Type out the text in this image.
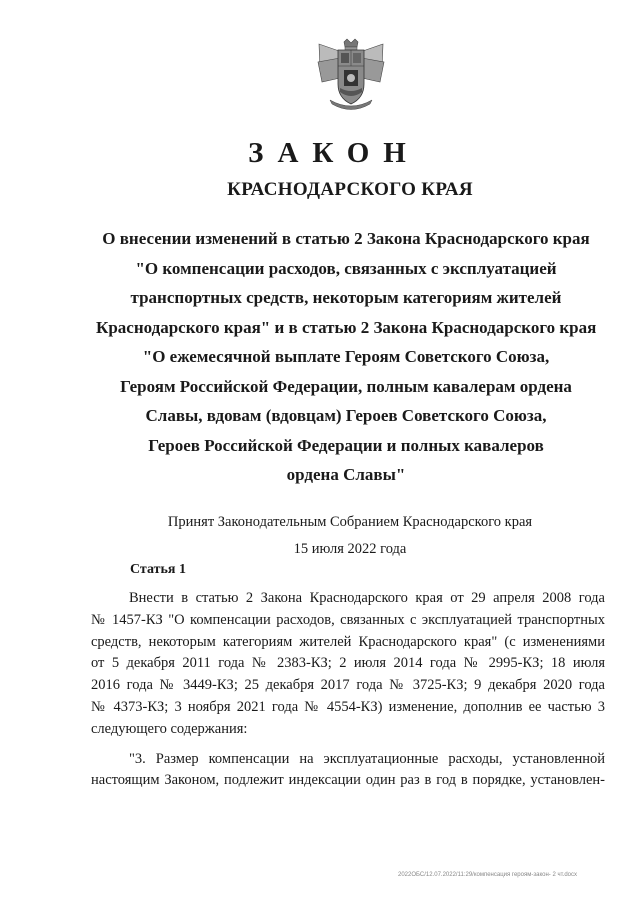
ЗАКОН
КРАСНОДАРСКОГО КРАЯ
О внесении изменений в статью 2 Закона Краснодарского края
"О компенсации расходов, связанных с эксплуатацией
транспортных средств, некоторым категориям жителей
Краснодарского края" и в статью 2 Закона Краснодарского края
"О ежемесячной выплате Героям Советского Союза,
Героям Российской Федерации, полным кавалерам ордена
Славы, вдовам (вдовцам) Героев Советского Союза,
Героев Российской Федерации и полных кавалеров
ордена Славы"
Принят Законодательным Собранием Краснодарского края
15 июля 2022 года
Статья 1
Внести в статью 2 Закона Краснодарского края от 29 апреля 2008 года
№ 1457-КЗ "О компенсации расходов, связанных с эксплуатацией транспортных
средств, некоторым категориям жителей Краснодарского края" (с изменениями
от 5 декабря 2011 года № 2383-КЗ; 2 июля 2014 года № 2995-КЗ; 18 июля
2016 года № 3449-КЗ; 25 декабря 2017 года № 3725-КЗ; 9 декабря 2020 года
№ 4373-КЗ; 3 ноября 2021 года № 4554-КЗ) изменение, дополнив ее частью 3
следующего содержания:
"3. Размер компенсации на эксплуатационные расходы, установленной
настоящим Законом, подлежит индексации один раз в год в порядке, установлен-
2022ОБС/12.07.2022/11:29/компенсация героям-закон- 2 чт.docx
